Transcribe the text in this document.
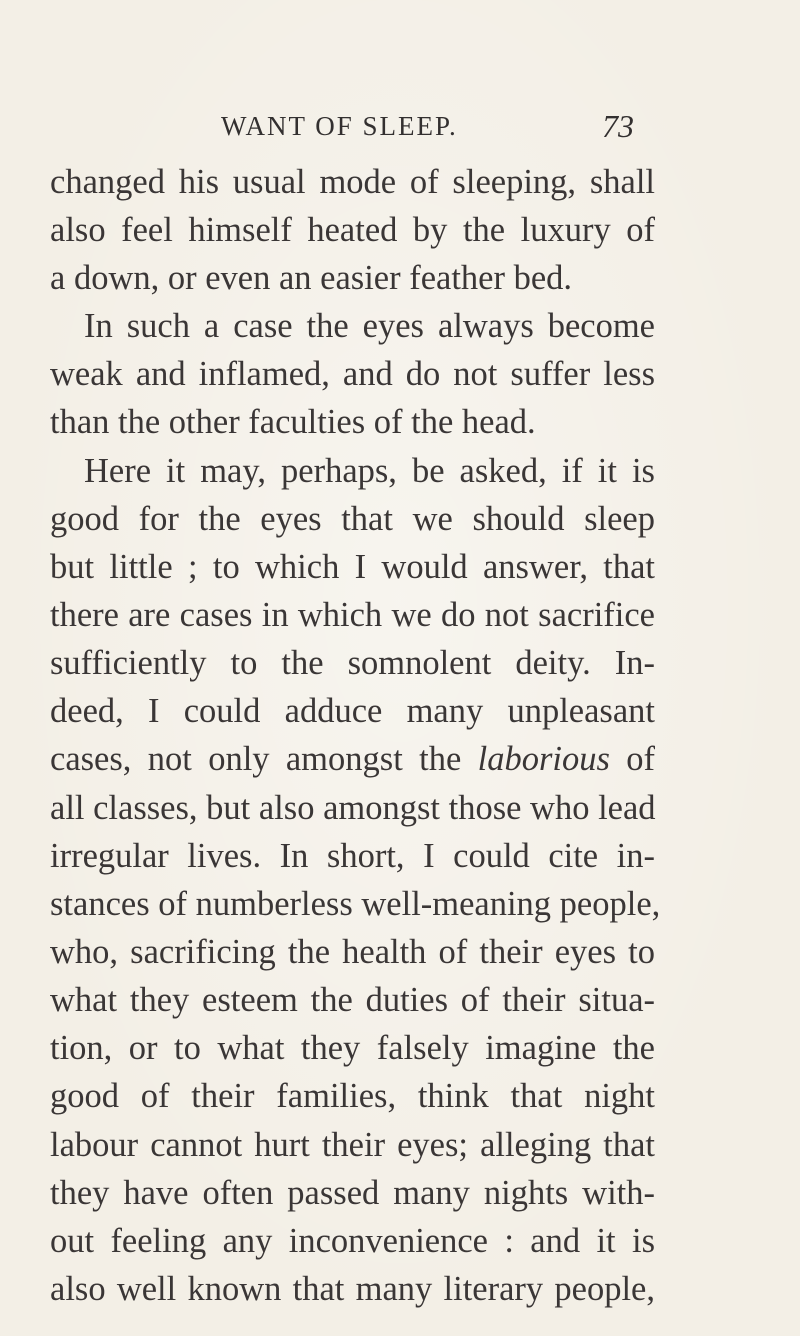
WANT OF SLEEP.	73
changed his usual mode of sleeping, shall
also feel himself heated by the luxury of
a down, or even an easier feather bed.
In such a case the eyes always become
weak and inflamed, and do not suffer less
than the other faculties of the head.
Here it may, perhaps, be asked, if it is
good for the eyes that we should sleep
but little ; to which I would answer, that
there are cases in which we do not sacrifice
sufficiently to the somnolent deity. In-
deed, I could adduce many unpleasant
cases, not only amongst the laborious of
all classes, but also amongst those who lead
irregular lives. In short, I could cite in-
stances of numberless well-meaning people,
who, sacrificing the health of their eyes to
what they esteem the duties of their situa-
tion, or to what they falsely imagine the
good of their families, think that night
labour cannot hurt their eyes; alleging that
they have often passed many nights with-
out feeling any inconvenience : and it is
also well known that many literary people,
